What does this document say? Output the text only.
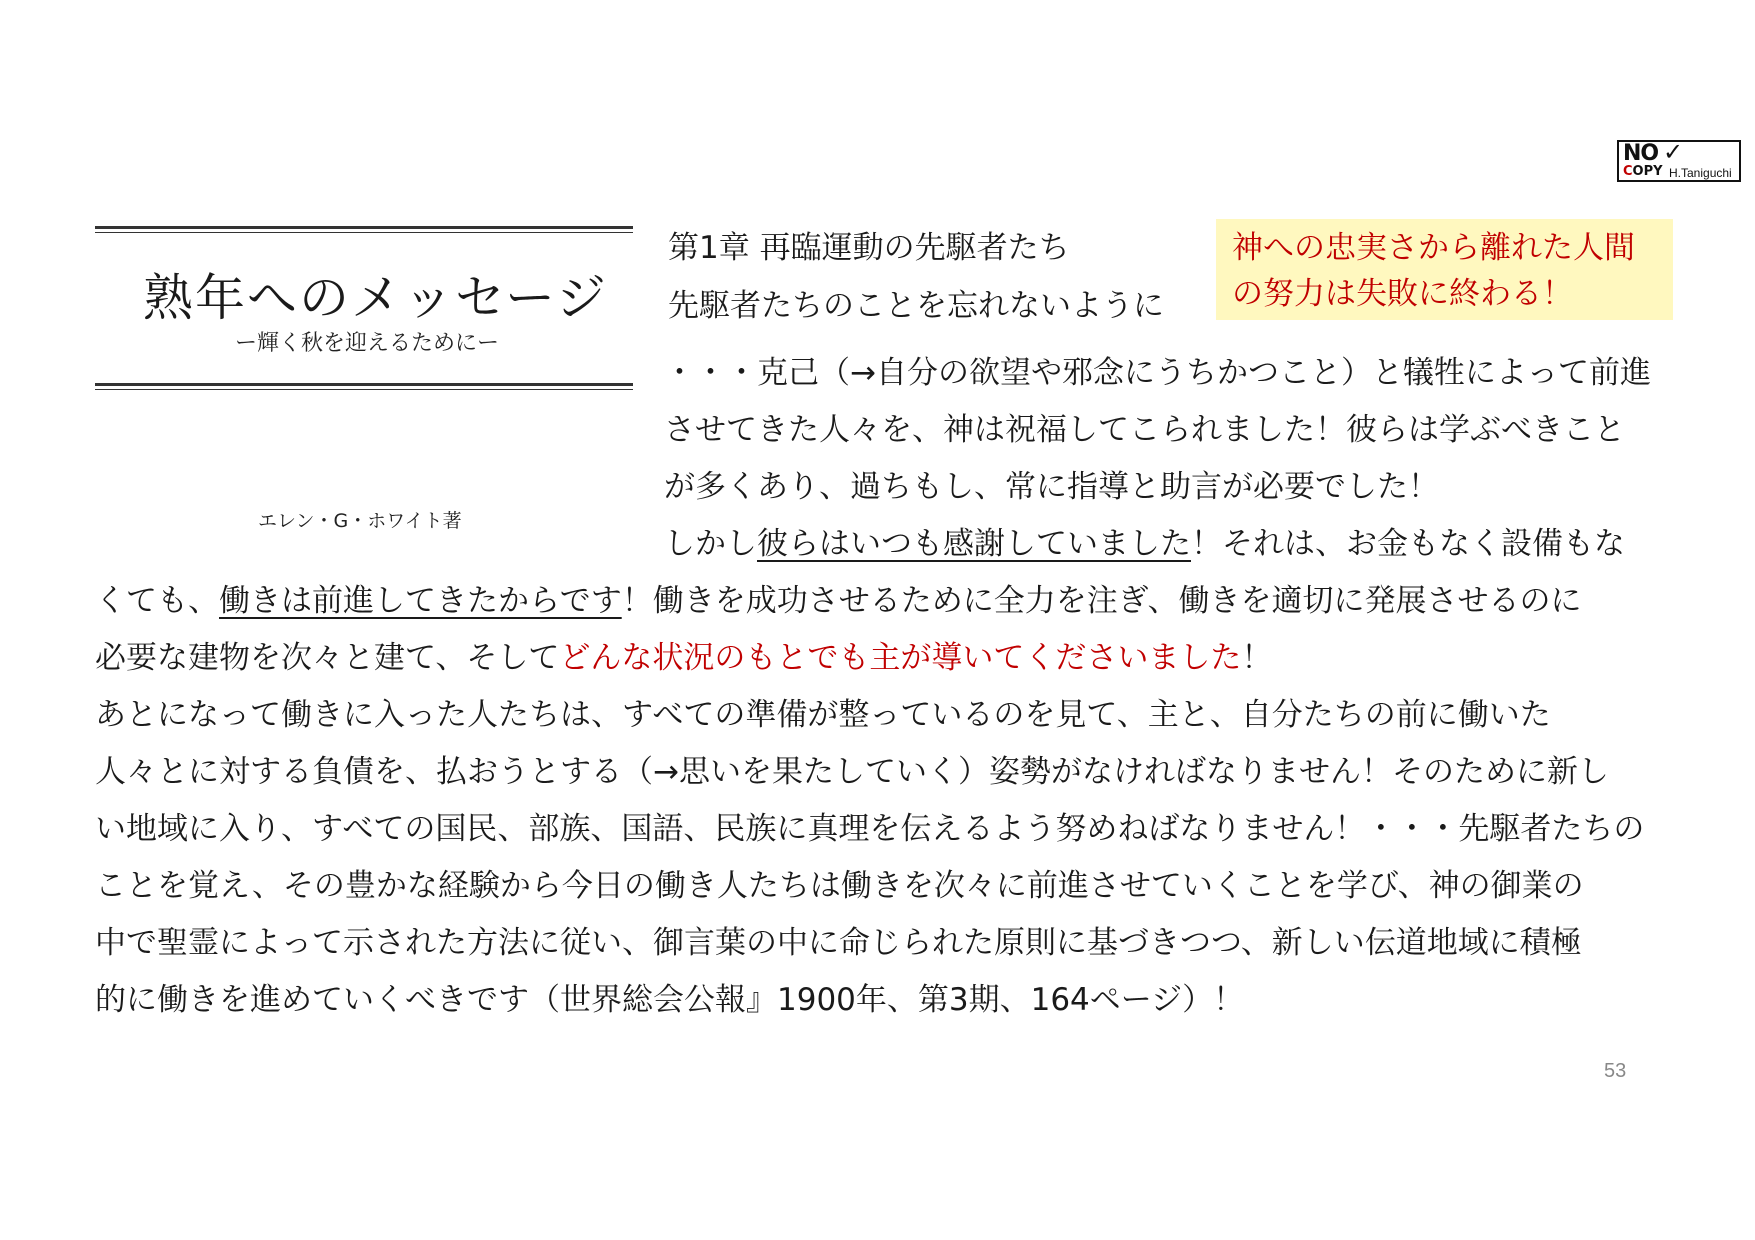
NO ✓
COPY H.Taniguchi
熟年へのメッセージ
ー輝く秋を迎えるためにー
エレン・G・ホワイト著
第1章 再臨運動の先駆者たち
先駆者たちのことを忘れないように
神への忠実さから離れた人間
の努力は失敗に終わる！
・・・克己（→自分の欲望や邪念にうちかつこと）と犠牲によって前進
させてきた人々を、神は祝福してこられました！彼らは学ぶべきこと
が多くあり、過ちもし、常に指導と助言が必要でした！
しかし彼らはいつも感謝していました！それは、お金もなく設備もな
くても、働きは前進してきたからです！働きを成功させるために全力を注ぎ、働きを適切に発展させるのに
必要な建物を次々と建て、そしてどんな状況のもとでも主が導いてくださいました！
あとになって働きに入った人たちは、すべての準備が整っているのを見て、主と、自分たちの前に働いた
人々とに対する負債を、払おうとする（→思いを果たしていく）姿勢がなければなりません！そのために新し
い地域に入り、すべての国民、部族、国語、民族に真理を伝えるよう努めねばなりません！・・・先駆者たちの
ことを覚え、その豊かな経験から今日の働き人たちは働きを次々に前進させていくことを学び、神の御業の
中で聖霊によって示された方法に従い、御言葉の中に命じられた原則に基づきつつ、新しい伝道地域に積極
的に働きを進めていくべきです（世界総会公報』1900年、第3期、164ページ）！
53
